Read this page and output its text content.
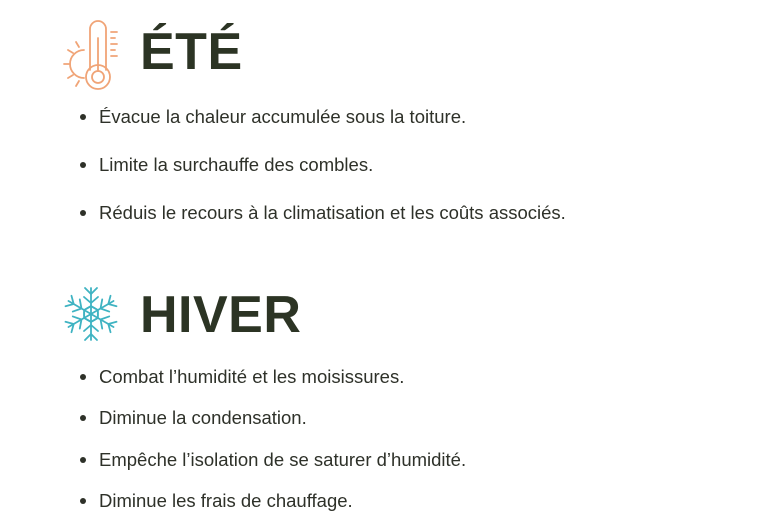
ÉTÉ
Évacue la chaleur accumulée sous la toiture.
Limite la surchauffe des combles.
Réduis le recours à la climatisation et les coûts associés.
HIVER
Combat l’humidité et les moisissures.
Diminue la condensation.
Empêche l’isolation de se saturer d’humidité.
Diminue les frais de chauffage.
